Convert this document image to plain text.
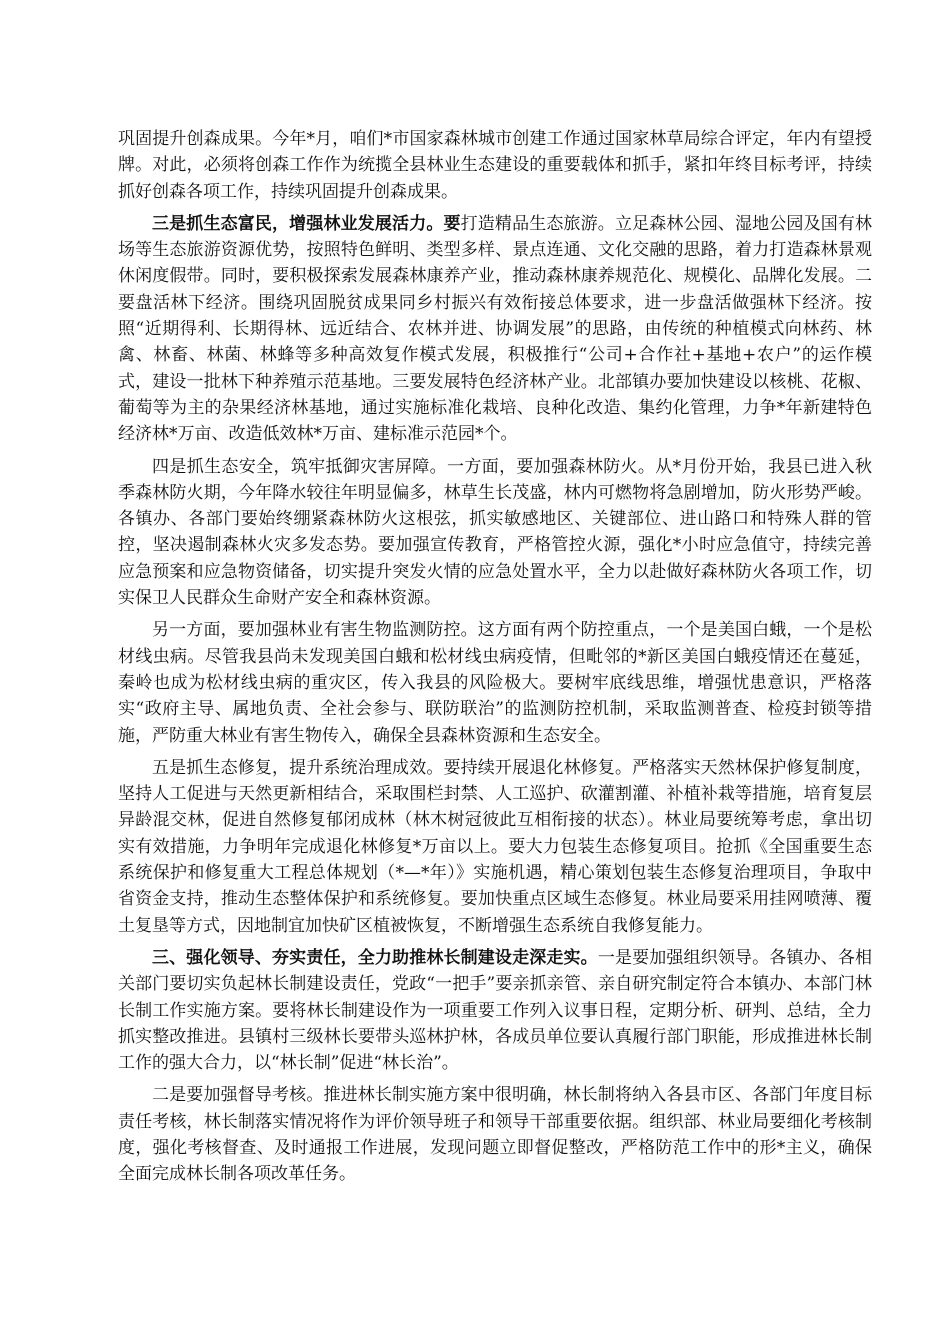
巩固提升创森成果。今年*月，咱们*市国家森林城市创建工作通过国家林草局综合评定，年内有望授牌。对此，必须将创森工作作为统揽全县林业生态建设的重要载体和抓手，紧扣年终目标考评，持续抓好创森各项工作，持续巩固提升创森成果。

三是抓生态富民，增强林业发展活力。要打造精品生态旅游。立足森林公园、湿地公园及国有林场等生态旅游资源优势，按照特色鲜明、类型多样、景点连通、文化交融的思路，着力打造森林景观休闲度假带。同时，要积极探索发展森林康养产业，推动森林康养规范化、规模化、品牌化发展。二要盘活林下经济。围绕巩固脱贫成果同乡村振兴有效衔接总体要求，进一步盘活做强林下经济。按照“近期得利、长期得林、远近结合、农林并进、协调发展”的思路，由传统的种植模式向林药、林禽、林畜、林菌、林蜂等多种高效复作模式发展，积极推行“公司+合作社+基地+农户”的运作模式，建设一批林下种养殖示范基地。三要发展特色经济林产业。北部镇办要加快建设以核桃、花椒、葡萄等为主的杂果经济林基地，通过实施标准化栽培、良种化改造、集约化管理，力争*年新建特色经济林*万亩、改造低效林*万亩、建标准示范园*个。

四是抓生态安全，筑牢抵御灾害屏障。一方面，要加强森林防火。从*月份开始，我县已进入秋季森林防火期，今年降水较往年明显偏多，林草生长茂盛，林内可燃物将急剧增加，防火形势严峻。各镇办、各部门要始终绷紧森林防火这根弦，抓实敏感地区、关键部位、进山路口和特殊人群的管控，坚决遏制森林火灾多发态势。要加强宣传教育，严格管控火源，强化*小时应急值守，持续完善应急预案和应急物资储备，切实提升突发火情的应急处置水平，全力以赴做好森林防火各项工作，切实保卫人民群众生命财产安全和森林资源。

另一方面，要加强林业有害生物监测防控。这方面有两个防控重点，一个是美国白蛾，一个是松材线虫病。尽管我县尚未发现美国白蛾和松材线虫病疫情，但毗邻的*新区美国白蛾疫情还在蔓延，秦岭也成为松材线虫病的重灾区，传入我县的风险极大。要树牢底线思维，增强忧患意识，严格落实“政府主导、属地负责、全社会参与、联防联治”的监测防控机制，采取监测普查、检疫封锁等措施，严防重大林业有害生物传入，确保全县森林资源和生态安全。

五是抓生态修复，提升系统治理成效。要持续开展退化林修复。严格落实天然林保护修复制度，坚持人工促进与天然更新相结合，采取围栏封禁、人工巡护、砍灌割灌、补植补栽等措施，培育复层异龄混交林，促进自然修复郁闭成林（林木树冠彼此互相衔接的状态）。林业局要统筹考虑，拿出切实有效措施，力争明年完成退化林修复*万亩以上。要大力包装生态修复项目。抢抓《全国重要生态系统保护和修复重大工程总体规划（*—*年）》实施机遇，精心策划包装生态修复治理项目，争取中省资金支持，推动生态整体保护和系统修复。要加快重点区域生态修复。林业局要采用挂网喷薄、覆土复垦等方式，因地制宜加快矿区植被恢复，不断增强生态系统自我修复能力。

三、强化领导、夯实责任，全力助推林长制建设走深走实。一是要加强组织领导。各镇办、各相关部门要切实负起林长制建设责任，党政“一把手”要亲抓亲管、亲自研究制定符合本镇办、本部门林长制工作实施方案。要将林长制建设作为一项重要工作列入议事日程，定期分析、研判、总结，全力抓实整改推进。县镇村三级林长要带头巡林护林，各成员单位要认真履行部门职能，形成推进林长制工作的强大合力，以“林长制”促进“林长治”。

二是要加强督导考核。推进林长制实施方案中很明确，林长制将纳入各县市区、各部门年度目标责任考核，林长制落实情况将作为评价领导班子和领导干部重要依据。组织部、林业局要细化考核制度，强化考核督查、及时通报工作进展，发现问题立即督促整改，严格防范工作中的形*主义，确保全面完成林长制各项改革任务。
